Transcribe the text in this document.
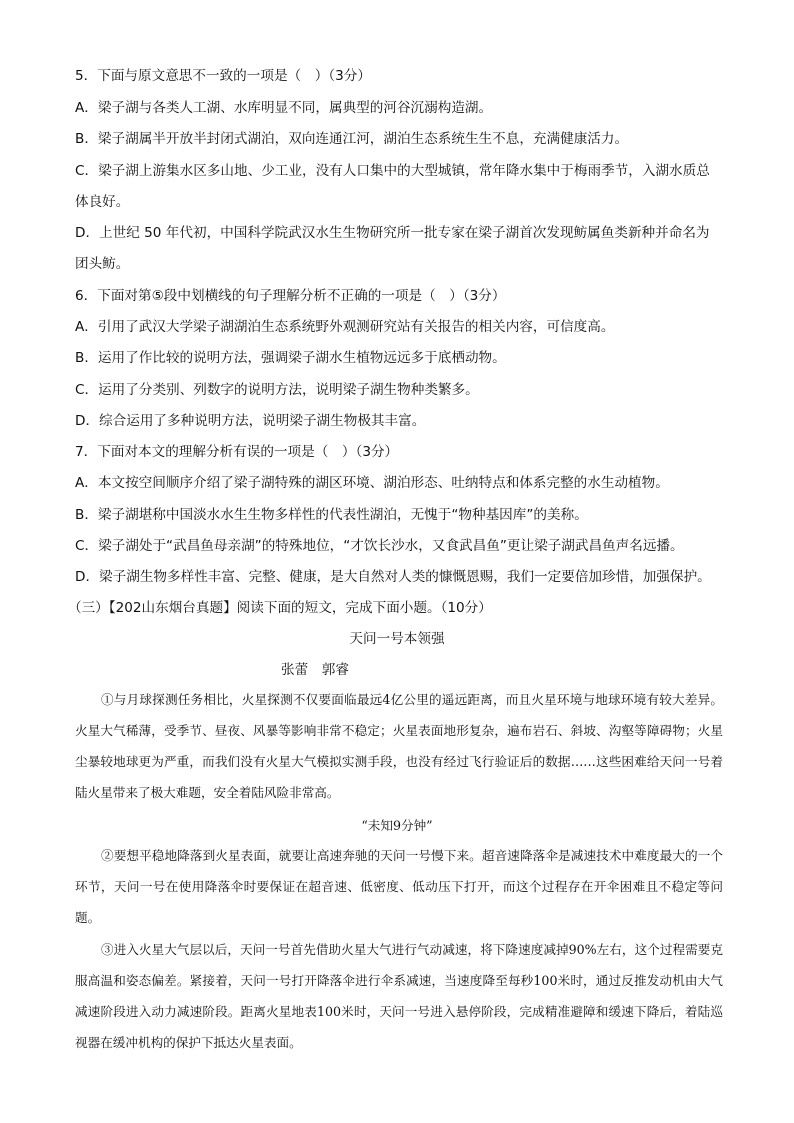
5．下面与原文意思不一致的一项是（　）（3分）
A．梁子湖与各类人工湖、水库明显不同，属典型的河谷沉溺构造湖。
B．梁子湖属半开放半封闭式湖泊，双向连通江河，湖泊生态系统生生不息，充满健康活力。
C．梁子湖上游集水区多山地、少工业，没有人口集中的大型城镇，常年降水集中于梅雨季节，入湖水质总
体良好。
D．上世纪 50 年代初，中国科学院武汉水生生物研究所一批专家在梁子湖首次发现鲂属鱼类新种并命名为
团头鲂。
6．下面对第⑤段中划横线的句子理解分析不正确的一项是（　）（3分）
A．引用了武汉大学梁子湖湖泊生态系统野外观测研究站有关报告的相关内容，可信度高。
B．运用了作比较的说明方法，强调梁子湖水生植物远远多于底栖动物。
C．运用了分类别、列数字的说明方法，说明梁子湖生物种类繁多。
D．综合运用了多种说明方法，说明梁子湖生物极其丰富。
7．下面对本文的理解分析有误的一项是（　）（3分）
A．本文按空间顺序介绍了梁子湖特殊的湖区环境、湖泊形态、吐纳特点和体系完整的水生动植物。
B．梁子湖堪称中国淡水水生生物多样性的代表性湖泊，无愧于“物种基因库”的美称。
C．梁子湖处于“武昌鱼母亲湖”的特殊地位，“才饮长沙水，又食武昌鱼”更让梁子湖武昌鱼声名远播。
D．梁子湖生物多样性丰富、完整、健康，是大自然对人类的慷慨恩赐，我们一定要倍加珍惜，加强保护。
（三）【202山东烟台真题】阅读下面的短文，完成下面小题。（10分）
天问一号本领强
张蕾　郭睿

①与月球探测任务相比，火星探测不仅要面临最远4亿公里的遥远距离，而且火星环境与地球环境有较大差异。火星大气稀薄，受季节、昼夜、风暴等影响非常不稳定；火星表面地形复杂，遍布岩石、斜坡、沟壑等障碍物；火星尘暴较地球更为严重，而我们没有火星大气模拟实测手段，也没有经过飞行验证后的数据……这些困难给天问一号着陆火星带来了极大难题，安全着陆风险非常高。

“未知9分钟”

②要想平稳地降落到火星表面，就要让高速奔驰的天问一号慢下来。超音速降落伞是减速技术中难度最大的一个环节，天问一号在使用降落伞时要保证在超音速、低密度、低动压下打开，而这个过程存在开伞困难且不稳定等问题。

③进入火星大气层以后，天问一号首先借助火星大气进行气动减速，将下降速度减掉90%左右，这个过程需要克服高温和姿态偏差。紧接着，天问一号打开降落伞进行伞系减速，当速度降至每秒100米时，通过反推发动机由大气减速阶段进入动力减速阶段。距离火星地表100米时，天问一号进入悬停阶段，完成精准避障和缓速下降后，着陆巡视器在缓冲机构的保护下抵达火星表面。
